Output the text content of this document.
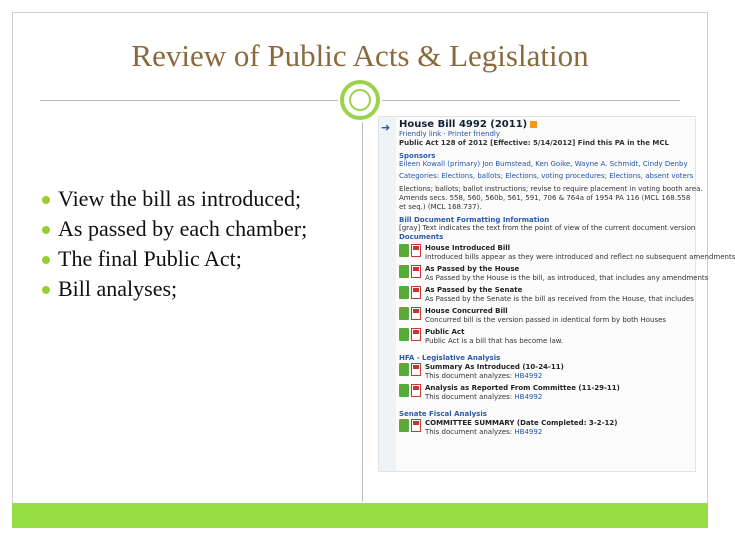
Review of Public Acts & Legislation
View the bill as introduced;
As passed by each chamber;
The final Public Act;
Bill analyses;
➜ House Bill 4992 (2011)
Friendly link · Printer friendly
Public Act 128 of 2012 [Effective: 5/14/2012] Find this PA in the MCL
Sponsors
Eileen Kowall (primary) Jon Bumstead, Ken Goike, Wayne A. Schmidt, Cindy Denby
Categories: Elections, ballots; Elections, voting procedures; Elections, absent voters
Elections; ballots; ballot instructions; revise to require placement in voting booth area.
Amends secs. 558, 560, 560b, 561, 591, 706 & 764a of 1954 PA 116 (MCL 168.558
et seq.) (MCL 168.737).
Bill Document Formatting Information
[gray] Text indicates the text from the point of view of the current document version
Documents
House Introduced Bill
Introduced bills appear as they were introduced and reflect no subsequent amendments
As Passed by the House
As Passed by the House is the bill, as introduced, that includes any amendments
As Passed by the Senate
As Passed by the Senate is the bill as received from the House, that includes
House Concurred Bill
Concurred bill is the version passed in identical form by both Houses
Public Act
Public Act is a bill that has become law.
HFA - Legislative Analysis
Summary As Introduced (10-24-11)
This document analyzes: HB4992
Analysis as Reported From Committee (11-29-11)
This document analyzes: HB4992
Senate Fiscal Analysis
COMMITTEE SUMMARY (Date Completed: 3-2-12)
This document analyzes: HB4992
